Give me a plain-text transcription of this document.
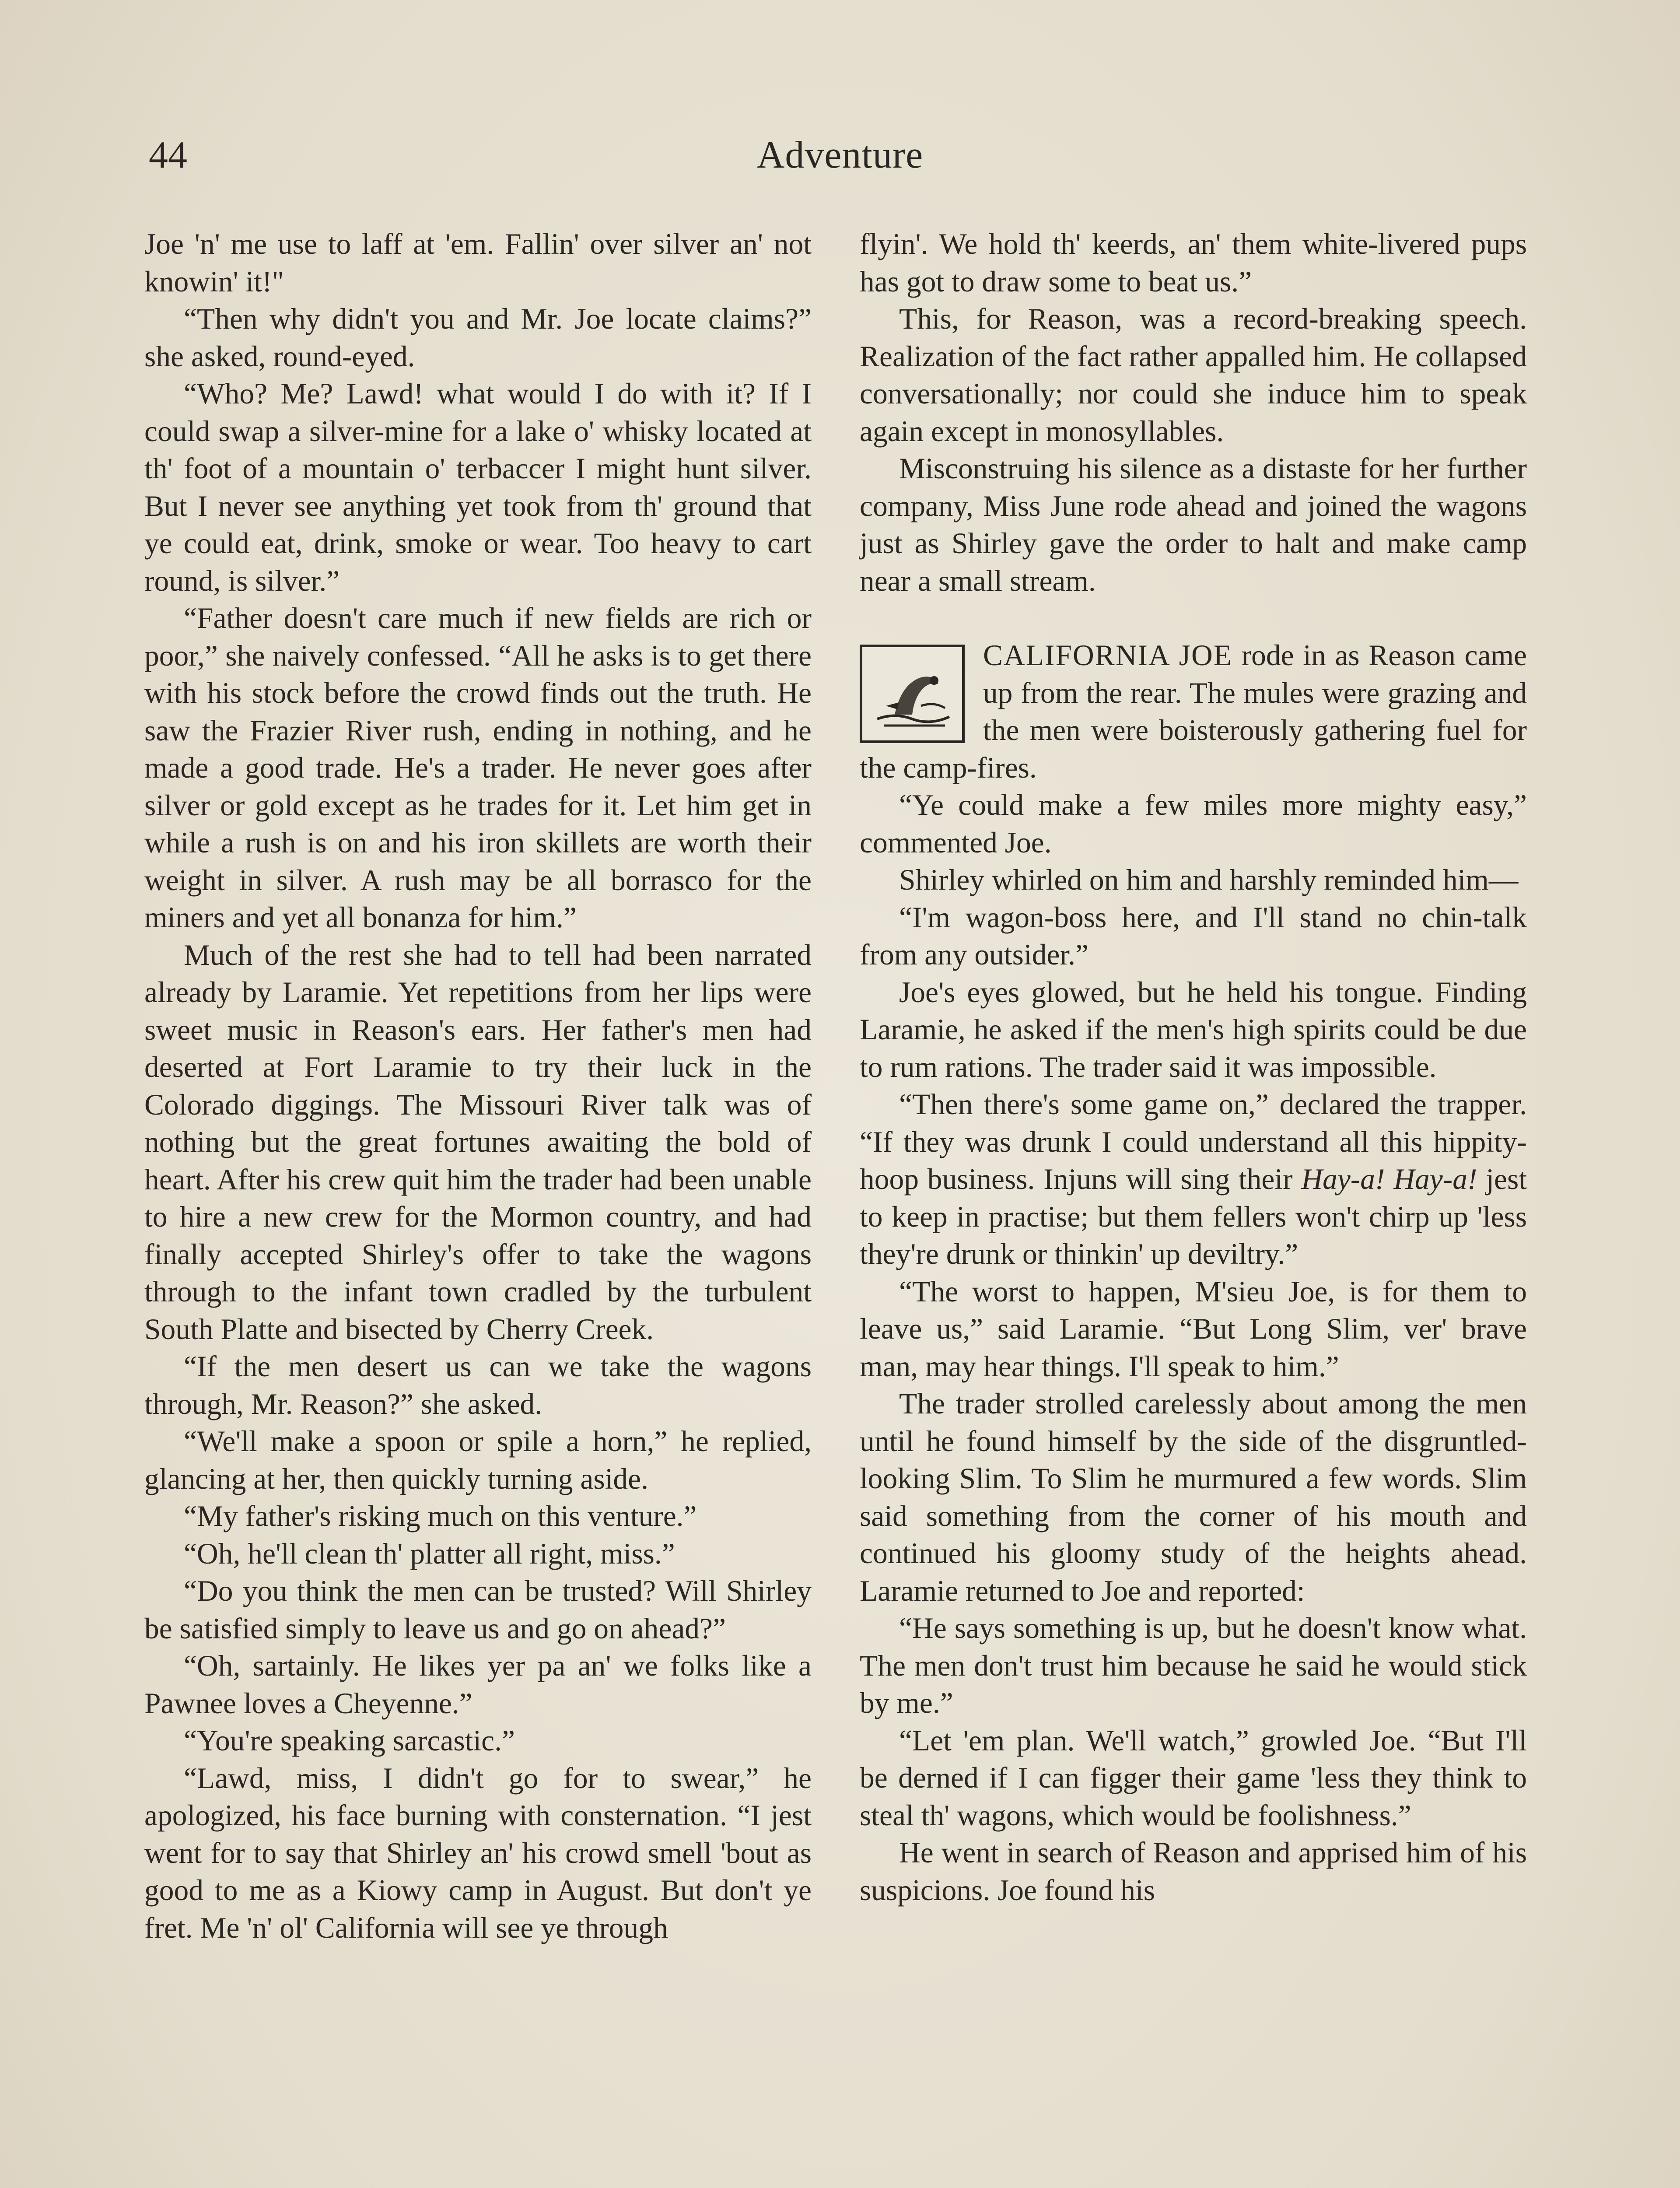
44	Adventure

Joe 'n' me use to laff at 'em. Fallin' over silver an' not knowin' it!"

“Then why didn't you and Mr. Joe locate claims?” she asked, round-eyed.

“Who? Me? Lawd! what would I do with it? If I could swap a silver-mine for a lake o' whisky located at th' foot of a mountain o' terbaccer I might hunt silver. But I never see anything yet took from th' ground that ye could eat, drink, smoke or wear. Too heavy to cart round, is silver.”

“Father doesn't care much if new fields are rich or poor,” she naively confessed. “All he asks is to get there with his stock before the crowd finds out the truth. He saw the Frazier River rush, ending in nothing, and he made a good trade. He's a trader. He never goes after silver or gold except as he trades for it. Let him get in while a rush is on and his iron skillets are worth their weight in silver. A rush may be all borrasco for the miners and yet all bonanza for him.”

Much of the rest she had to tell had been narrated already by Laramie. Yet repetitions from her lips were sweet music in Reason's ears. Her father's men had deserted at Fort Laramie to try their luck in the Colorado diggings. The Missouri River talk was of nothing but the great fortunes awaiting the bold of heart. After his crew quit him the trader had been unable to hire a new crew for the Mormon country, and had finally accepted Shirley's offer to take the wagons through to the infant town cradled by the turbulent South Platte and bisected by Cherry Creek.

“If the men desert us can we take the wagons through, Mr. Reason?” she asked.

“We'll make a spoon or spile a horn,” he replied, glancing at her, then quickly turning aside.

“My father's risking much on this venture.”

“Oh, he'll clean th' platter all right, miss.”

“Do you think the men can be trusted? Will Shirley be satisfied simply to leave us and go on ahead?”

“Oh, sartainly. He likes yer pa an' we folks like a Pawnee loves a Cheyenne.”

“You're speaking sarcastic.”

“Lawd, miss, I didn't go for to swear,” he apologized, his face burning with consternation. “I jest went for to say that Shirley an' his crowd smell 'bout as good to me as a Kiowy camp in August. But don't ye fret. Me 'n' ol' California will see ye through

flyin'. We hold th' keerds, an' them white-livered pups has got to draw some to beat us.”

This, for Reason, was a record-breaking speech. Realization of the fact rather appalled him. He collapsed conversationally; nor could she induce him to speak again except in monosyllables.

Misconstruing his silence as a distaste for her further company, Miss June rode ahead and joined the wagons just as Shirley gave the order to halt and make camp near a small stream.

CALIFORNIA JOE rode in as Reason came up from the rear. The mules were grazing and the men were boisterously gathering fuel for the camp-fires.

“Ye could make a few miles more mighty easy,” commented Joe.

Shirley whirled on him and harshly reminded him—

“I'm wagon-boss here, and I'll stand no chin-talk from any outsider.”

Joe's eyes glowed, but he held his tongue. Finding Laramie, he asked if the men's high spirits could be due to rum rations. The trader said it was impossible.

“Then there's some game on,” declared the trapper. “If they was drunk I could understand all this hippity-hoop business. Injuns will sing their Hay-a! Hay-a! jest to keep in practise; but them fellers won't chirp up 'less they're drunk or thinkin' up deviltry.”

“The worst to happen, M'sieu Joe, is for them to leave us,” said Laramie. “But Long Slim, ver' brave man, may hear things. I'll speak to him.”

The trader strolled carelessly about among the men until he found himself by the side of the disgruntled-looking Slim. To Slim he murmured a few words. Slim said something from the corner of his mouth and continued his gloomy study of the heights ahead. Laramie returned to Joe and reported:

“He says something is up, but he doesn't know what. The men don't trust him because he said he would stick by me.”

“Let 'em plan. We'll watch,” growled Joe. “But I'll be derned if I can figger their game 'less they think to steal th' wagons, which would be foolishness.”

He went in search of Reason and apprised him of his suspicions. Joe found his
